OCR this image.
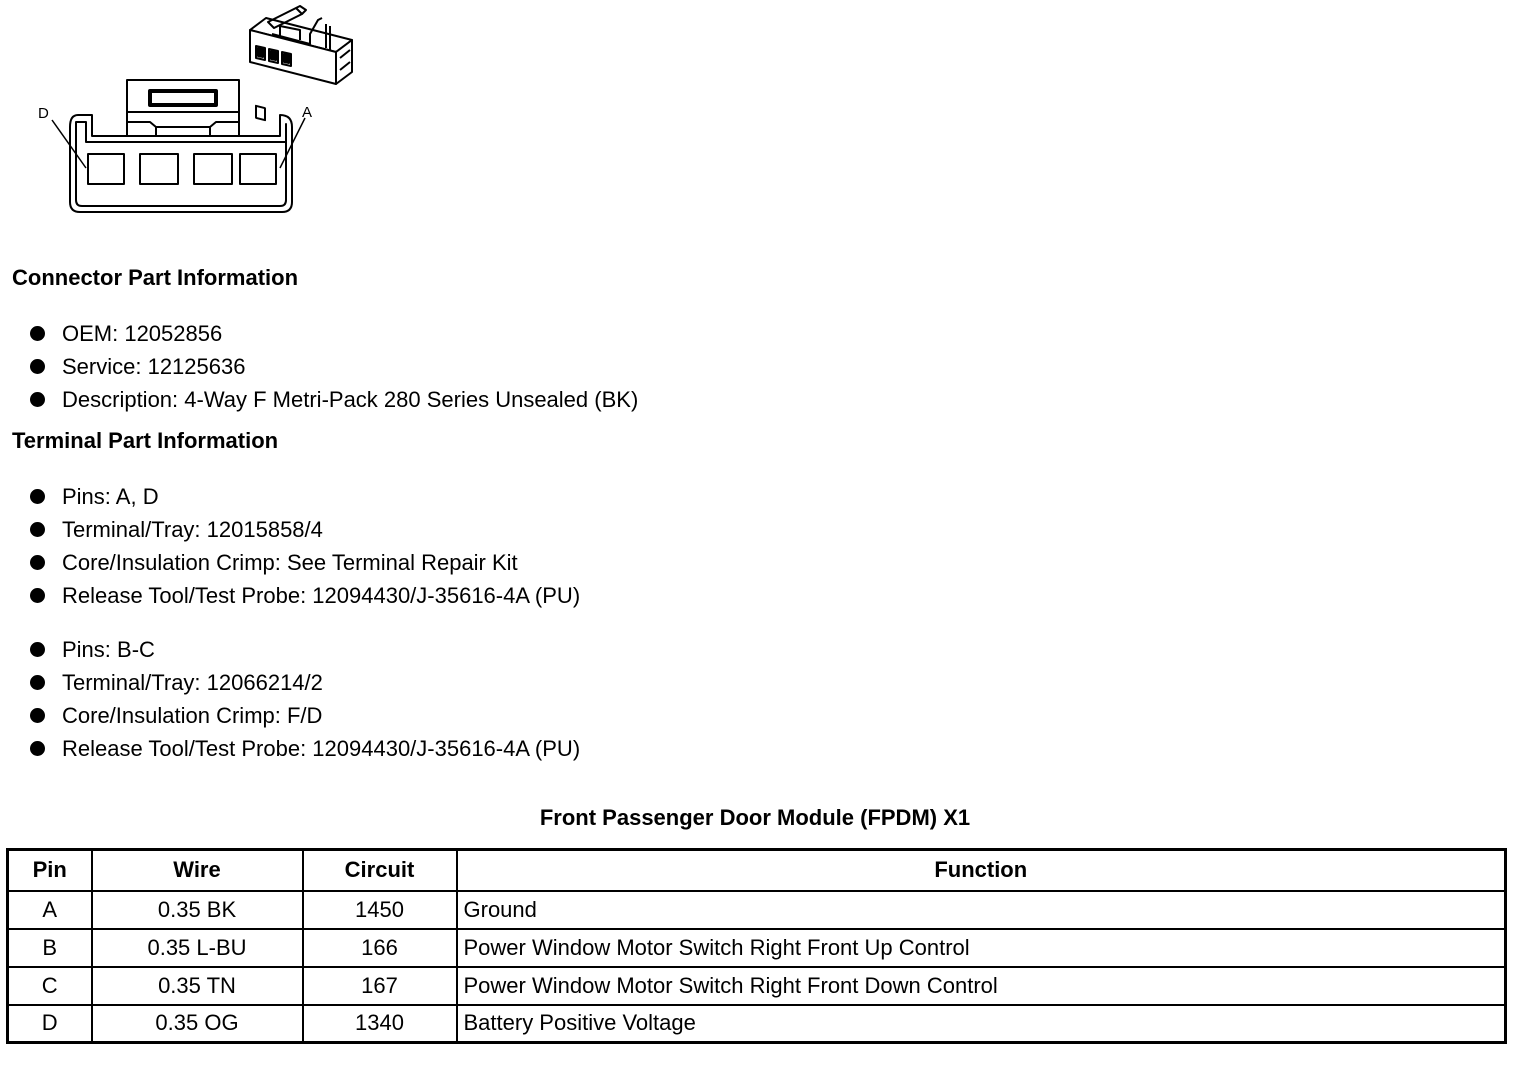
D	A
Connector Part Information
OEM: 12052856
Service: 12125636
Description: 4-Way F Metri-Pack 280 Series Unsealed (BK)
Terminal Part Information
Pins: A, D
Terminal/Tray: 12015858/4
Core/Insulation Crimp: See Terminal Repair Kit
Release Tool/Test Probe: 12094430/J-35616-4A (PU)
Pins: B-C
Terminal/Tray: 12066214/2
Core/Insulation Crimp: F/D
Release Tool/Test Probe: 12094430/J-35616-4A (PU)
Front Passenger Door Module (FPDM) X1
Pin	Wire	Circuit	Function
A	0.35 BK	1450	Ground
B	0.35 L-BU	166	Power Window Motor Switch Right Front Up Control
C	0.35 TN	167	Power Window Motor Switch Right Front Down Control
D	0.35 OG	1340	Battery Positive Voltage
